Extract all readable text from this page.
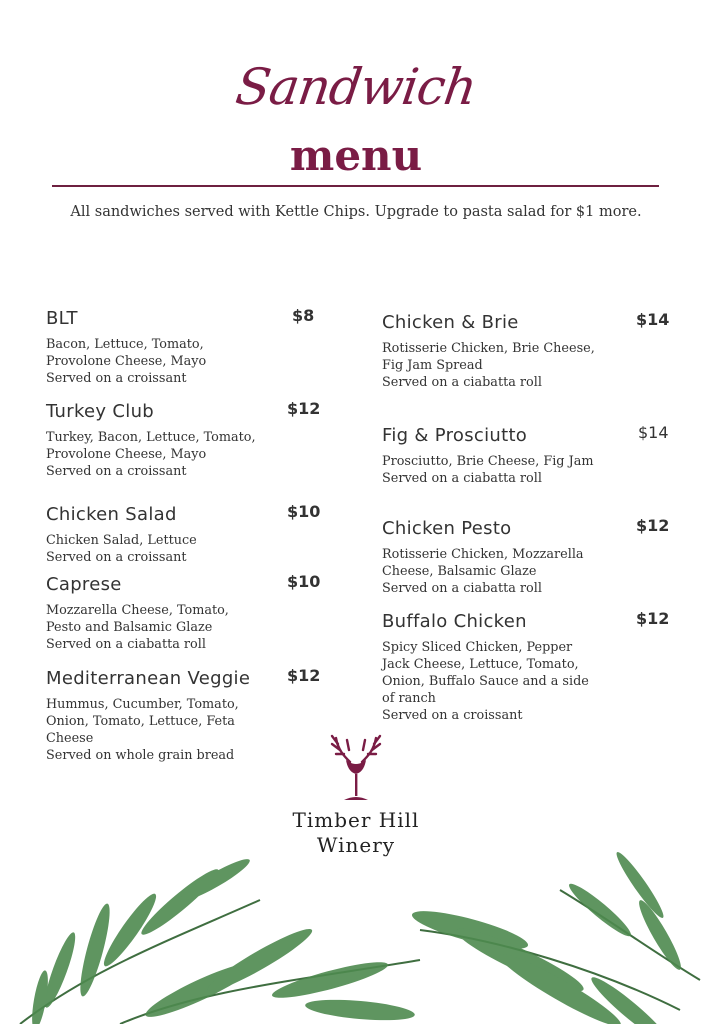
Sandwich
menu
All sandwiches served with Kettle Chips. Upgrade to pasta salad for $1 more.
BLT	$8
Bacon, Lettuce, Tomato,
Provolone Cheese, Mayo
Served on a croissant
Turkey Club	$12
Turkey, Bacon, Lettuce, Tomato,
Provolone Cheese, Mayo
Served on a croissant
Chicken Salad	$10
Chicken Salad, Lettuce
Served on a croissant
Caprese	$10
Mozzarella Cheese, Tomato,
Pesto and Balsamic Glaze
Served on a ciabatta roll
Mediterranean Veggie $12
Hummus, Cucumber, Tomato,
Onion, Tomato, Lettuce, Feta
Cheese
Served on whole grain bread
Chicken & Brie	$14
Rotisserie Chicken, Brie Cheese,
Fig Jam Spread
Served on a ciabatta roll
Fig & Prosciutto	$14
Prosciutto, Brie Cheese, Fig Jam
Served on a ciabatta roll
Chicken Pesto	$12
Rotisserie Chicken, Mozzarella
Cheese, Balsamic Glaze
Served on a ciabatta roll
Buffalo Chicken	$12
Spicy Sliced Chicken, Pepper
Jack Cheese, Lettuce, Tomato,
Onion, Buffalo Sauce and a side
of ranch
Served on a croissant
Timber Hill
Winery
